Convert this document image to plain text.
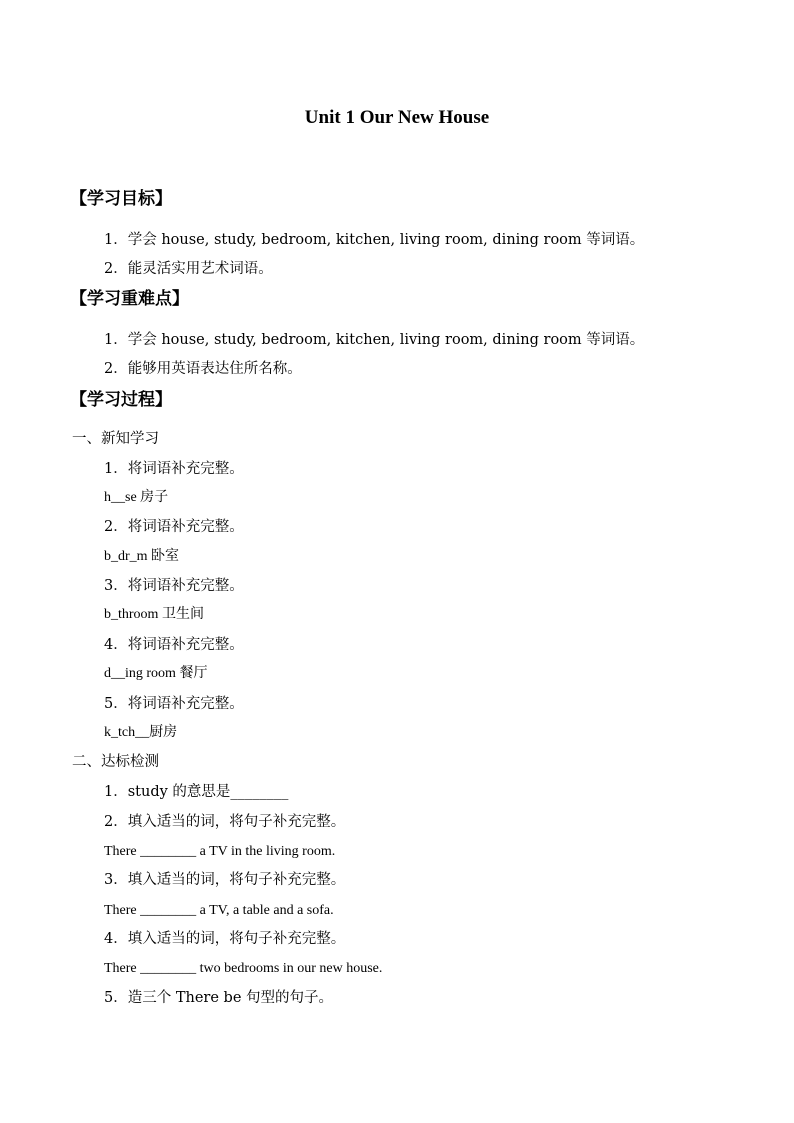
Unit 1 Our New House
【学习目标】
1．学会 house, study, bedroom, kitchen, living room, dining room 等词语。
2．能灵活实用艺术词语。
【学习重难点】
1．学会 house, study, bedroom, kitchen, living room, dining room 等词语。
2．能够用英语表达住所名称。
【学习过程】
一、新知学习
1．将词语补充完整。
h__se 房子
2．将词语补充完整。
b_dr_m 卧室
3．将词语补充完整。
b_throom 卫生间
4．将词语补充完整。
d__ing room 餐厅
5．将词语补充完整。
k_tch__厨房
二、达标检测
1．study 的意思是________
2．填入适当的词，将句子补充完整。
There ________ a TV in the living room.
3．填入适当的词，将句子补充完整。
There ________ a TV, a table and a sofa.
4．填入适当的词，将句子补充完整。
There ________ two bedrooms in our new house.
5．造三个 There be 句型的句子。
